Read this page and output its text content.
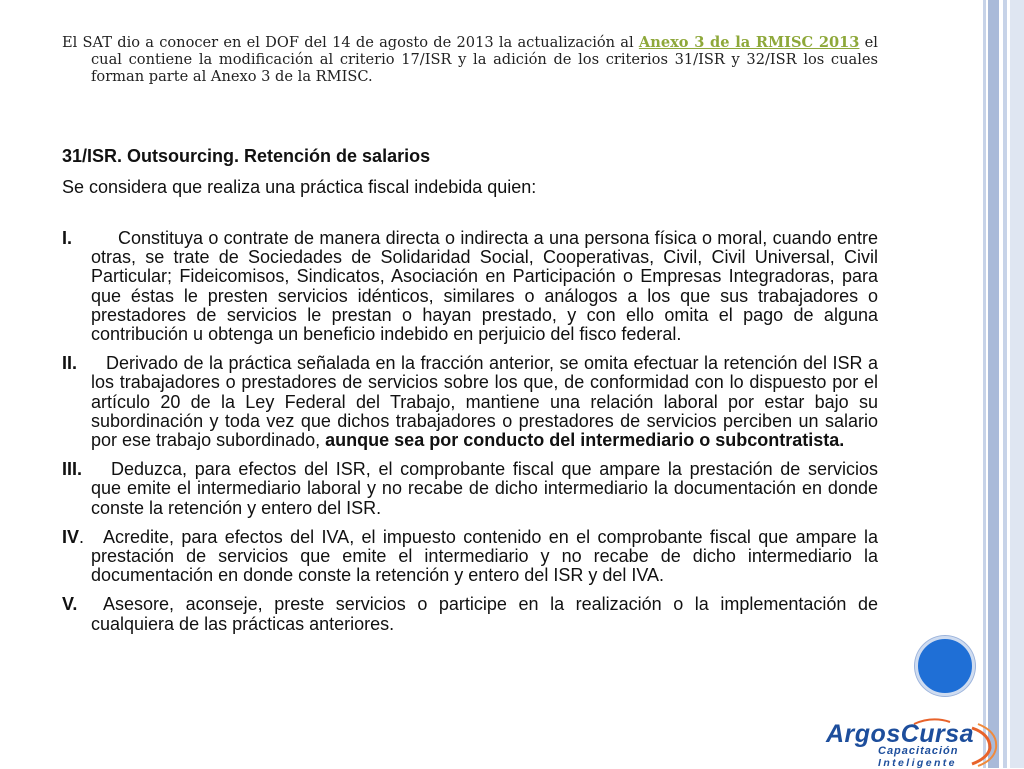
El SAT dio a conocer en el DOF del 14 de agosto de 2013 la actualización al Anexo 3 de la RMISC 2013 el cual contiene la modificación al criterio 17/ISR y la adición de los criterios 31/ISR y 32/ISR los cuales forman parte al Anexo 3 de la RMISC.
31/ISR. Outsourcing. Retención de salarios
Se considera que realiza una práctica fiscal indebida quien:
I.	Constituya o contrate de manera directa o indirecta a una persona física o moral, cuando entre otras, se trate de Sociedades de Solidaridad Social, Cooperativas, Civil, Civil Universal, Civil Particular; Fideicomisos, Sindicatos, Asociación en Participación o Empresas Integradoras, para que éstas le presten servicios idénticos, similares o análogos a los que sus trabajadores o prestadores de servicios le prestan o hayan prestado, y con ello omita el pago de alguna contribución u obtenga un beneficio indebido en perjuicio del fisco federal.
II. Derivado de la práctica señalada en la fracción anterior, se omita efectuar la retención del ISR a los trabajadores o prestadores de servicios sobre los que, de conformidad con lo dispuesto por el artículo 20 de la Ley Federal del Trabajo, mantiene una relación laboral por estar bajo su subordinación y toda vez que dichos trabajadores o prestadores de servicios perciben un salario por ese trabajo subordinado, aunque sea por conducto del intermediario o subcontratista.
III. Deduzca, para efectos del ISR, el comprobante fiscal que ampare la prestación de servicios que emite el intermediario laboral y no recabe de dicho intermediario la documentación en donde conste la retención y entero del ISR.
IV. Acredite, para efectos del IVA, el impuesto contenido en el comprobante fiscal que ampare la prestación de servicios que emite el intermediario y no recabe de dicho intermediario la documentación en donde conste la retención y entero del ISR y del IVA.
V. Asesore, aconseje, preste servicios o participe en la realización o la implementación de cualquiera de las prácticas anteriores.
ArgosCursa
Capacitación
Inteligente
